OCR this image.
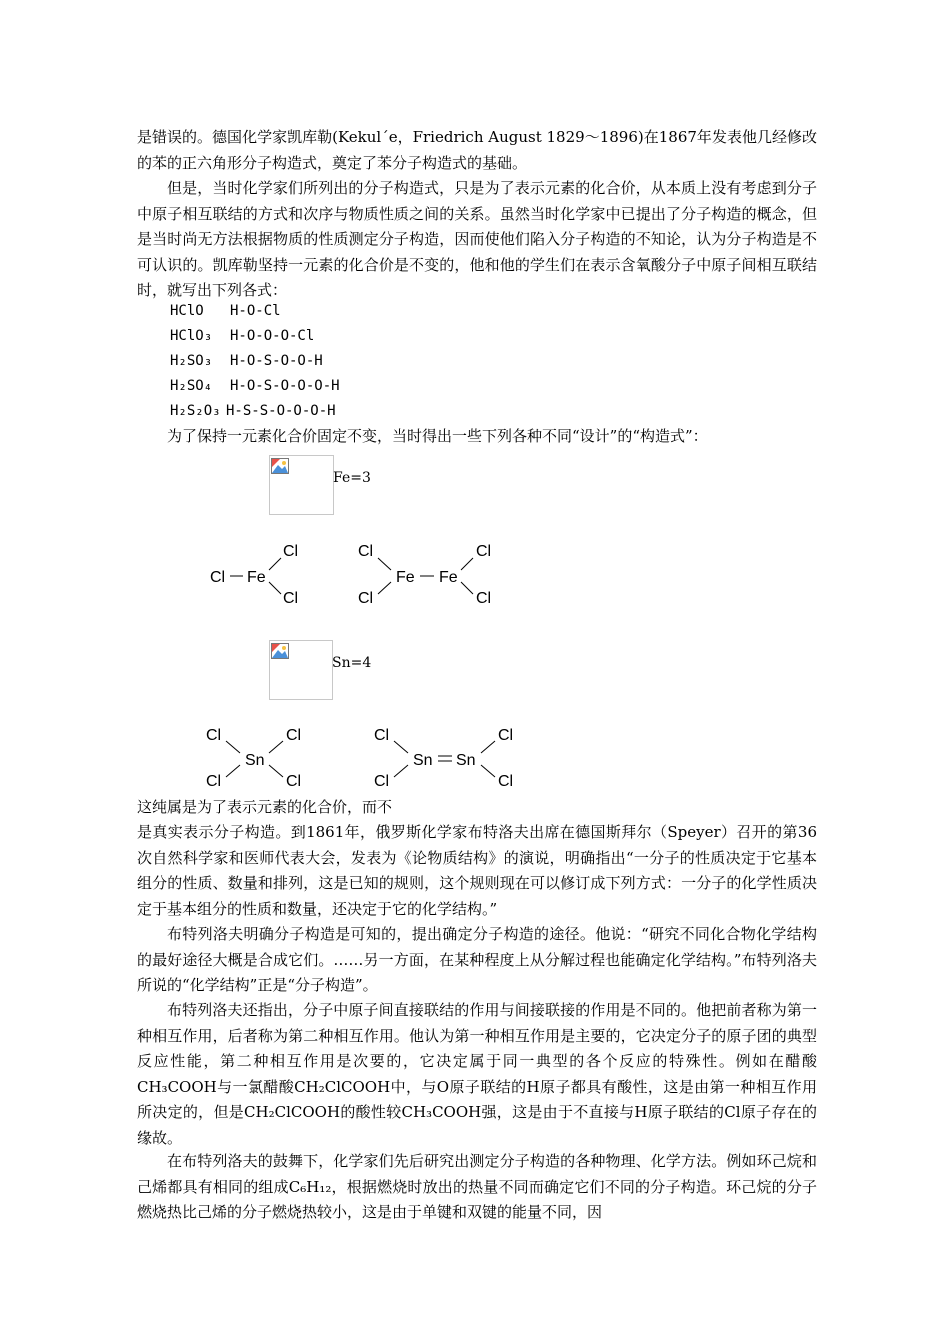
是错误的。德国化学家凯库勒(Kekul´e，Friedrich August 1829～1896)在1867年发表他几经修改的苯的正六角形分子构造式，奠定了苯分子构造式的基础。

但是，当时化学家们所列出的分子构造式，只是为了表示元素的化合价，从本质上没有考虑到分子中原子相互联结的方式和次序与物质性质之间的关系。虽然当时化学家中已提出了分子构造的概念，但是当时尚无方法根据物质的性质测定分子构造，因而使他们陷入分子构造的不知论，认为分子构造是不可认识的。凯库勒坚持一元素的化合价是不变的，他和他的学生们在表示含氧酸分子中原子间相互联结时，就写出下列各式：

HClO H-O-Cl
HClO₃ H-O-O-O-Cl
H₂SO₃ H-O-S-O-O-H
H₂SO₄ H-O-S-O-O-O-H
H₂S₂O₃ H-S-S-O-O-O-H

为了保持一元素化合价固定不变，当时得出一些下列各种不同“设计”的“构造式”：

Fe=3
Cl Fe
Cl
Cl
Cl
Cl
Fe Fe
Cl
Cl
Sn=4
Cl
Cl
Sn
Cl
Cl
Cl
Cl
Sn Sn
Cl
Cl

这纯属是为了表示元素的化合价，而不

是真实表示分子构造。到1861年，俄罗斯化学家布特洛夫出席在德国斯拜尔（Speyer）召开的第36次自然科学家和医师代表大会，发表为《论物质结构》的演说，明确指出“一分子的性质决定于它基本组分的性质、数量和排列，这是已知的规则，这个规则现在可以修订成下列方式：一分子的化学性质决定于基本组分的性质和数量，还决定于它的化学结构。”

布特列洛夫明确分子构造是可知的，提出确定分子构造的途径。他说：“研究不同化合物化学结构的最好途径大概是合成它们。……另一方面，在某种程度上从分解过程也能确定化学结构。”布特列洛夫所说的“化学结构”正是“分子构造”。

布特列洛夫还指出，分子中原子间直接联结的作用与间接联接的作用是不同的。他把前者称为第一种相互作用，后者称为第二种相互作用。他认为第一种相互作用是主要的，它决定分子的原子团的典型反应性能，第二种相互作用是次要的，它决定属于同一典型的各个反应的特殊性。例如在醋酸CH₃COOH与一氯醋酸CH₂ClCOOH中，与O原子联结的H原子都具有酸性，这是由第一种相互作用所决定的，但是CH₂ClCOOH的酸性较CH₃COOH强，这是由于不直接与H原子联结的Cl原子存在的缘故。

在布特列洛夫的鼓舞下，化学家们先后研究出测定分子构造的各种物理、化学方法。例如环己烷和己烯都具有相同的组成C₆H₁₂，根据燃烧时放出的热量不同而确定它们不同的分子构造。环己烷的分子燃烧热比己烯的分子燃烧热较小，这是由于单键和双键的能量不同，因
